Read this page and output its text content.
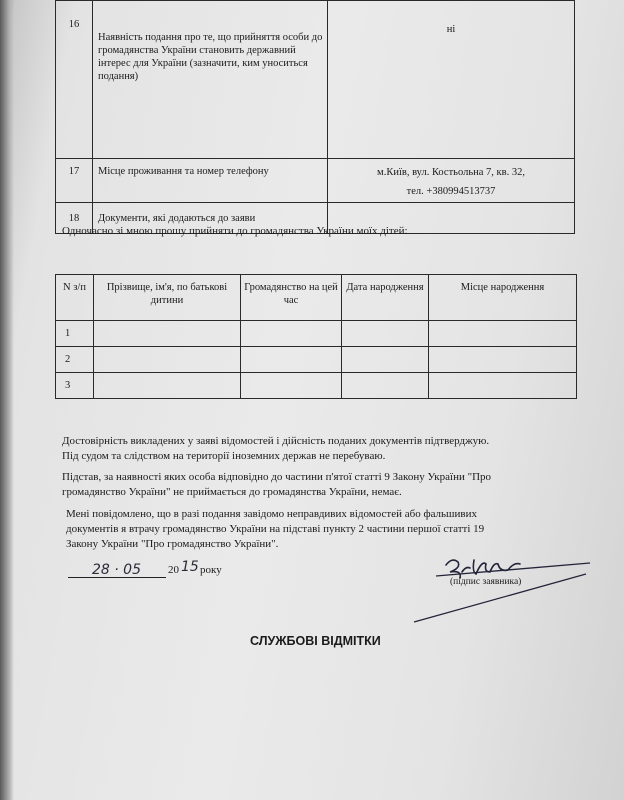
16	Наявність подання про те, що прийняття особи до громадянства України становить державний інтерес для України (зазначити, ким уноситься подання)	ні
17	Місце проживання та номер телефону	м.Київ, вул. Костьольна 7, кв. 32,
тел. +380994513737

18	Документи, які додаються до заяви	
Одночасно зі мною прошу прийняти до громадянства України моїх дітей:
N з/п	Прізвище, ім'я, по батькові дитини	Громадянство на цей час	Дата народження	Місце народження
1				
2				
3				
Достовірність викладених у заяві відомостей і дійсність поданих документів підтверджую.
Під судом та слідством на території іноземних держав не перебуваю.
Підстав, за наявності яких особа відповідно до частини п'ятої статті 9 Закону України "Про
громадянство України" не приймається до громадянства України, немає.
Мені повідомлено, що в разі подання завідомо неправдивих відомостей або фальшивих
документів я втрачу громадянство України на підставі пункту 2 частини першої статті 19
Закону України "Про громадянство України".
28 · 05 20 15 року
(підпис заявника)
СЛУЖБОВІ ВІДМІТКИ
